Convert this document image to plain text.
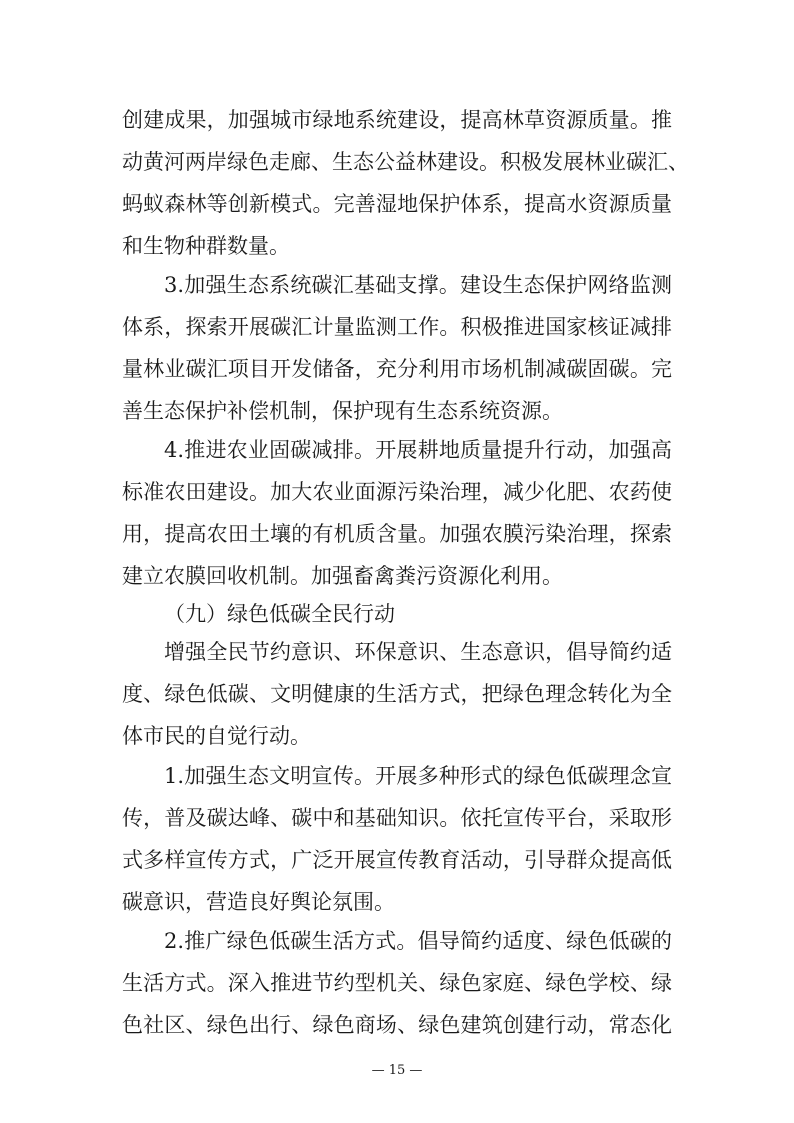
创建成果，加强城市绿地系统建设，提高林草资源质量。推
动黄河两岸绿色走廊、生态公益林建设。积极发展林业碳汇、
蚂蚁森林等创新模式。完善湿地保护体系，提高水资源质量
和生物种群数量。
3.加强生态系统碳汇基础支撑。建设生态保护网络监测
体系，探索开展碳汇计量监测工作。积极推进国家核证减排
量林业碳汇项目开发储备，充分利用市场机制减碳固碳。完
善生态保护补偿机制，保护现有生态系统资源。
4.推进农业固碳减排。开展耕地质量提升行动，加强高
标准农田建设。加大农业面源污染治理，减少化肥、农药使
用，提高农田土壤的有机质含量。加强农膜污染治理，探索
建立农膜回收机制。加强畜禽粪污资源化利用。
（九）绿色低碳全民行动
增强全民节约意识、环保意识、生态意识，倡导简约适
度、绿色低碳、文明健康的生活方式，把绿色理念转化为全
体市民的自觉行动。
1.加强生态文明宣传。开展多种形式的绿色低碳理念宣
传，普及碳达峰、碳中和基础知识。依托宣传平台，采取形
式多样宣传方式，广泛开展宣传教育活动，引导群众提高低
碳意识，营造良好舆论氛围。
2.推广绿色低碳生活方式。倡导简约适度、绿色低碳的
生活方式。深入推进节约型机关、绿色家庭、绿色学校、绿
色社区、绿色出行、绿色商场、绿色建筑创建行动，常态化
— 15 —
